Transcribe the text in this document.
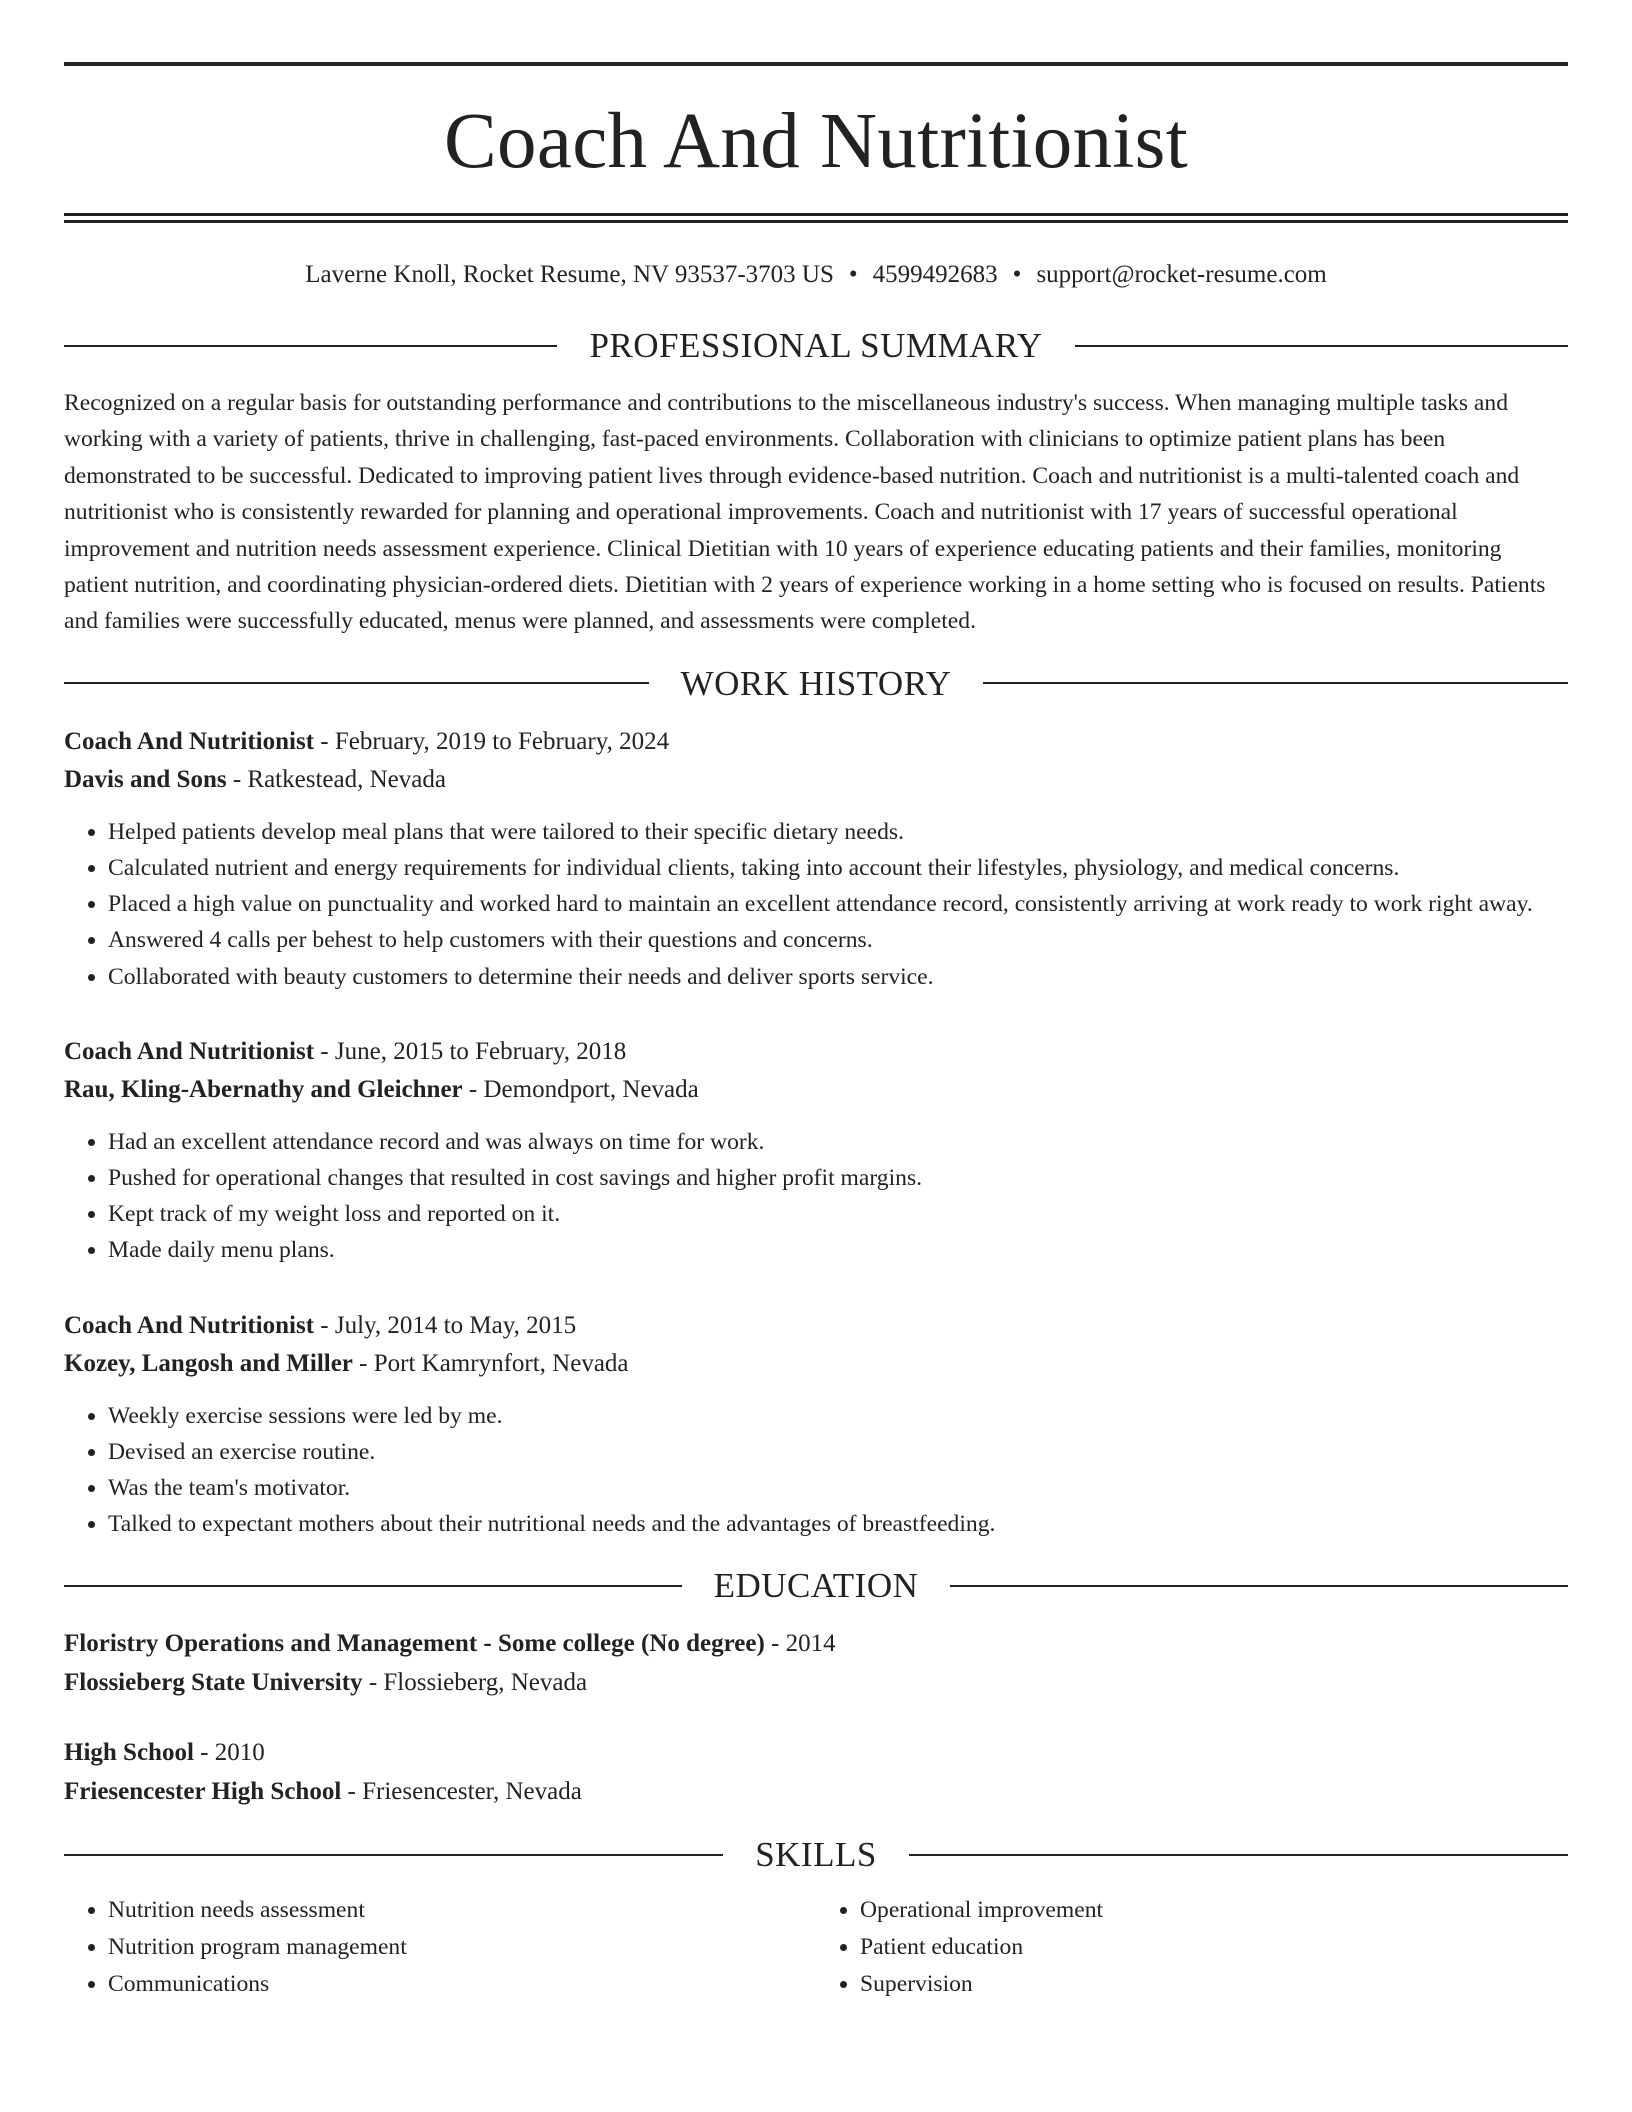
Coach And Nutritionist
Laverne Knoll, Rocket Resume, NV 93537-3703 US • 4599492683 • support@rocket-resume.com
PROFESSIONAL SUMMARY

Recognized on a regular basis for outstanding performance and contributions to the miscellaneous industry's success. When managing multiple tasks and working with a variety of patients, thrive in challenging, fast-paced environments. Collaboration with clinicians to optimize patient plans has been demonstrated to be successful. Dedicated to improving patient lives through evidence-based nutrition. Coach and nutritionist is a multi-talented coach and nutritionist who is consistently rewarded for planning and operational improvements. Coach and nutritionist with 17 years of successful operational improvement and nutrition needs assessment experience. Clinical Dietitian with 10 years of experience educating patients and their families, monitoring patient nutrition, and coordinating physician-ordered diets. Dietitian with 2 years of experience working in a home setting who is focused on results. Patients and families were successfully educated, menus were planned, and assessments were completed.

WORK HISTORY
Coach And Nutritionist - February, 2019 to February, 2024
Davis and Sons - Ratkestead, Nevada
• Helped patients develop meal plans that were tailored to their specific dietary needs.
• Calculated nutrient and energy requirements for individual clients, taking into account their lifestyles, physiology, and medical concerns.
• Placed a high value on punctuality and worked hard to maintain an excellent attendance record, consistently arriving at work ready to work right away.
• Answered 4 calls per behest to help customers with their questions and concerns.
• Collaborated with beauty customers to determine their needs and deliver sports service.
Coach And Nutritionist - June, 2015 to February, 2018
Rau, Kling-Abernathy and Gleichner - Demondport, Nevada
• Had an excellent attendance record and was always on time for work.
• Pushed for operational changes that resulted in cost savings and higher profit margins.
• Kept track of my weight loss and reported on it.
• Made daily menu plans.
Coach And Nutritionist - July, 2014 to May, 2015
Kozey, Langosh and Miller - Port Kamrynfort, Nevada
• Weekly exercise sessions were led by me.
• Devised an exercise routine.
• Was the team's motivator.
• Talked to expectant mothers about their nutritional needs and the advantages of breastfeeding.
EDUCATION
Floristry Operations and Management - Some college (No degree) - 2014
Flossieberg State University - Flossieberg, Nevada
High School - 2010
Friesencester High School - Friesencester, Nevada
SKILLS
• Nutrition needs assessment
• Nutrition program management
• Communications
• Operational improvement
• Patient education
• Supervision
